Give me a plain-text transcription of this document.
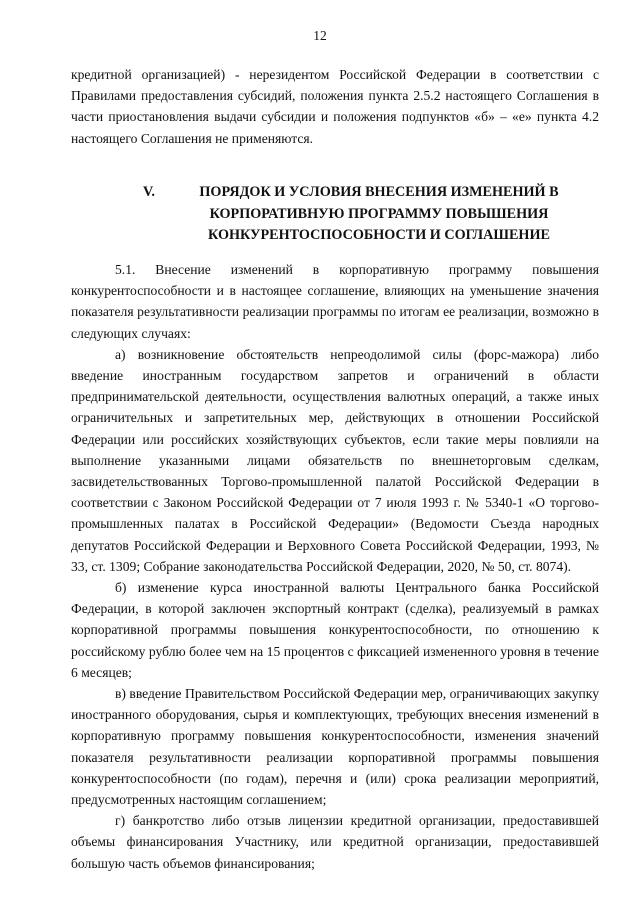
12

кредитной организацией) - нерезидентом Российской Федерации в соответствии с Правилами предоставления субсидий, положения пункта 2.5.2 настоящего Соглашения в части приостановления выдачи субсидии и положения подпунктов «б» – «е» пункта 4.2 настоящего Соглашения не применяются.

V.	ПОРЯДОК И УСЛОВИЯ ВНЕСЕНИЯ ИЗМЕНЕНИЙ В
КОРПОРАТИВНУЮ ПРОГРАММУ ПОВЫШЕНИЯ
КОНКУРЕНТОСПОСОБНОСТИ И СОГЛАШЕНИЕ

5.1. Внесение изменений в корпоративную программу повышения конкурентоспособности и в настоящее соглашение, влияющих на уменьшение значения показателя результативности реализации программы по итогам ее реализации, возможно в следующих случаях:

а) возникновение обстоятельств непреодолимой силы (форс-мажора) либо введение иностранным государством запретов и ограничений в области предпринимательской деятельности, осуществления валютных операций, а также иных ограничительных и запретительных мер, действующих в отношении Российской Федерации или российских хозяйствующих субъектов, если такие меры повлияли на выполнение указанными лицами обязательств по внешнеторговым сделкам, засвидетельствованных Торгово-промышленной палатой Российской Федерации в соответствии с Законом Российской Федерации от 7 июля 1993 г. № 5340-1 «О торгово-промышленных палатах в Российской Федерации» (Ведомости Съезда народных депутатов Российской Федерации и Верховного Совета Российской Федерации, 1993, № 33, ст. 1309; Собрание законодательства Российской Федерации, 2020, № 50, ст. 8074).

б) изменение курса иностранной валюты Центрального банка Российской Федерации, в которой заключен экспортный контракт (сделка), реализуемый в рамках корпоративной программы повышения конкурентоспособности, по отношению к российскому рублю более чем на 15 процентов с фиксацией измененного уровня в течение 6 месяцев;

в) введение Правительством Российской Федерации мер, ограничивающих закупку иностранного оборудования, сырья и комплектующих, требующих внесения изменений в корпоративную программу повышения конкурентоспособности, изменения значений показателя результативности реализации корпоративной программы повышения конкурентоспособности (по годам), перечня и (или) срока реализации мероприятий, предусмотренных настоящим соглашением;

г) банкротство либо отзыв лицензии кредитной организации, предоставившей объемы финансирования Участнику, или кредитной организации, предоставившей большую часть объемов финансирования;
